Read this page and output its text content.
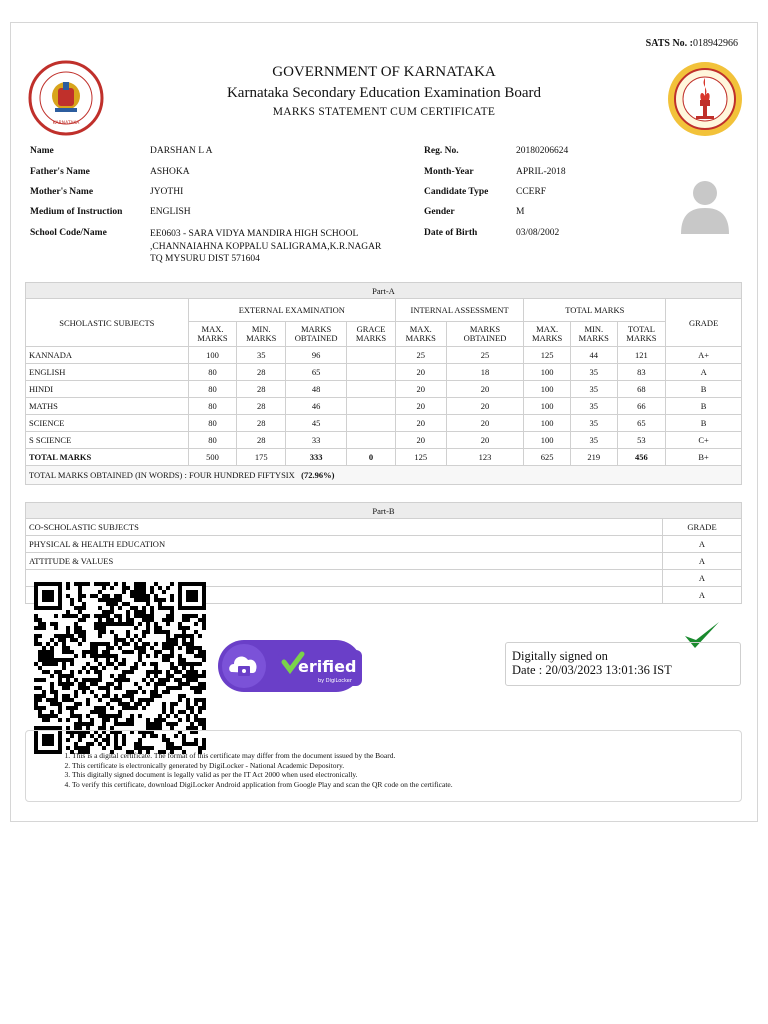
SATS No. :018942966
KARNATAKA
GOVERNMENT OF KARNATAKA
Karnataka Secondary Education Examination Board
MARKS STATEMENT CUM CERTIFICATE
Name	DARSHAN L A
Father's Name	ASHOKA
Mother's Name	JYOTHI
Medium of Instruction	ENGLISH
School Code/Name	EE0603 - SARA VIDYA MANDIRA HIGH SCHOOL
,CHANNAIAHNA KOPPALU SALIGRAMA,K.R.NAGAR
TQ MYSURU DIST 571604
Reg. No.	20180206624
Month-Year	APRIL-2018
Candidate Type	CCERF
Gender	M
Date of Birth	03/08/2002
Part-A										
SCHOLASTIC SUBJECTS	EXTERNAL EXAMINATION				INTERNAL ASSESSMENT		TOTAL MARKS			GRADE
	MAX. MARKS	MIN. MARKS	MARKS OBTAINED	GRACE MARKS	MAX. MARKS	MARKS OBTAINED	MAX. MARKS	MIN. MARKS	TOTAL MARKS	
KANNADA	100	35	96		25	25	125	44	121	A+
ENGLISH	80	28	65		20	18	100	35	83	A
HINDI	80	28	48		20	20	100	35	68	B
MATHS	80	28	46		20	20	100	35	66	B
SCIENCE	80	28	45		20	20	100	35	65	B
S SCIENCE	80	28	33		20	20	100	35	53	C+
TOTAL MARKS	500	175	333	0	125	123	625	219	456	B+
TOTAL MARKS OBTAINED (IN WORDS) : FOUR HUNDRED FIFTYSIX (72.96%)										
Part-B	
CO-SCHOLASTIC SUBJECTS	GRADE
PHYSICAL & HEALTH EDUCATION	A
ATTITUDE & VALUES	A
	A
	A
erified
by DigiLocker
Digitally signed on
Date : 20/03/2023 13:01:36 IST
1. This is a digital certificate. The format of this certificate may differ from the document issued by the Board.
2. This certificate is electronically generated by DigiLocker - National Academic Depository.
3. This digitally signed document is legally valid as per the IT Act 2000 when used electronically.
4. To verify this certificate, download DigiLocker Android application from Google Play and scan the QR code on the certificate.
